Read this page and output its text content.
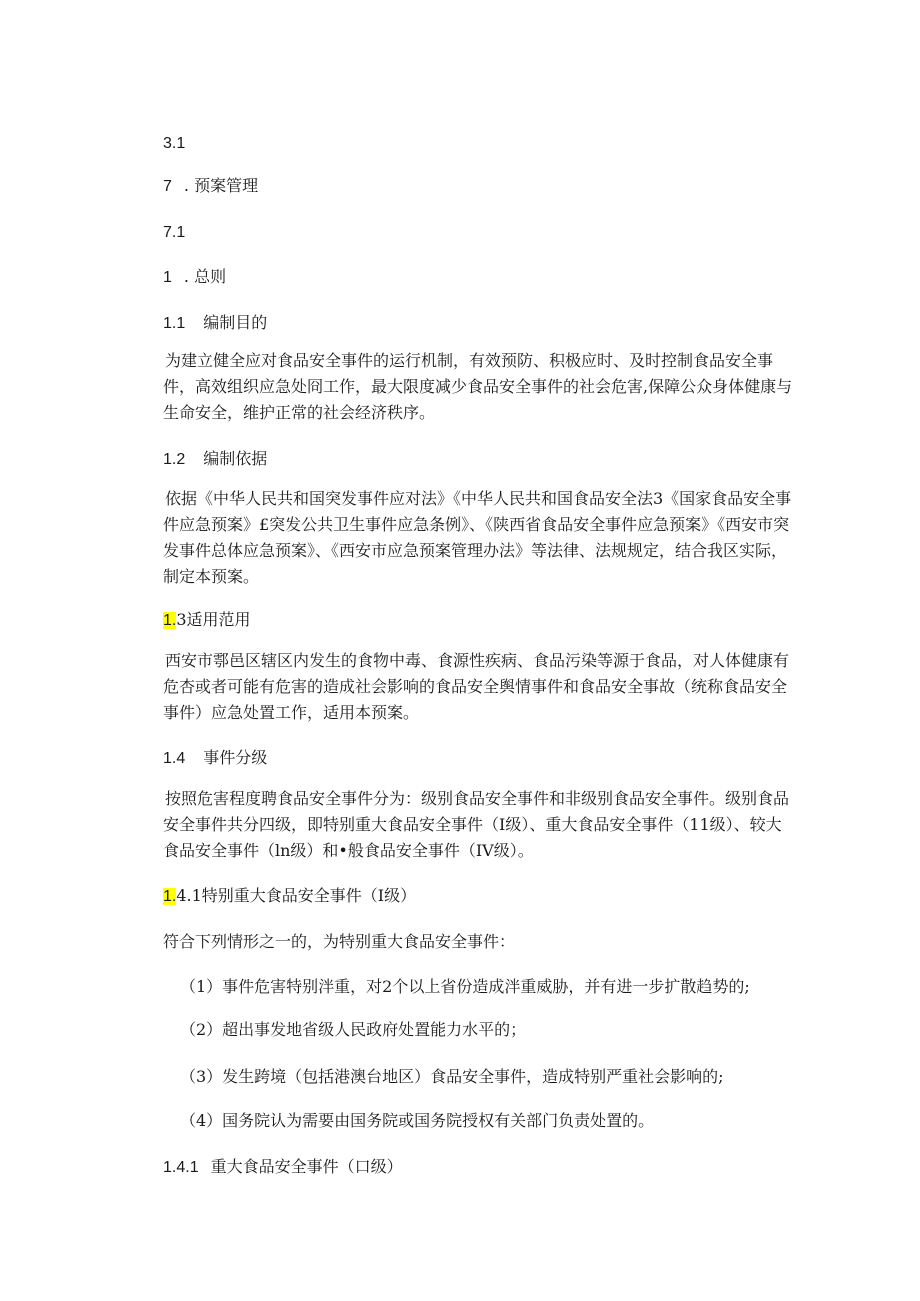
3.1

7 . 预案管理

7.1

1 . 总则

1.1 编制目的

为建立健全应对食品安全事件的运行机制，有效预防、积极应时、及时控制食品安全事件，高效组织应急处冏工作，最大限度减少食品安全事件的社会危害,保障公众身体健康与生命安全，维护正常的社会经济秩序。

1.2 编制依据

依据《中华人民共和国突发事件应对法》《中华人民共和国食品安全法3《国家食品安全事件应急预案》£突发公共卫生事件应急条例》、《陕西省食品安全事件应急预案》《西安市突发事件总体应急预案》、《西安市应急预案管理办法》等法律、法规规定，结合我区实际，制定本预案。

1.3适用范用

西安市鄠邑区辖区内发生的食物中毒、食源性疾病、食品污染等源于食品，对人体健康有危杏或者可能有危害的造成社会影响的食品安全舆情事件和食品安全事故（统称食品安全事件）应急处置工作，适用本预案。

1.4 事件分级

按照危害程度聘食品安全事件分为：级别食品安全事件和非级别食品安全事件。级别食品安全事件共分四级，即特别重大食品安全事件（I级）、重大食品安全事件（11级）、较大食品安全事件（ln级）和•般食品安全事件（IV级）。

1.4.1特别重大食品安全事件（I级）

符合下列情形之一的，为特别重大食品安全事件：

（1）事件危害特别泮重，对2个以上省份造成泮重威胁，并有进一步扩散趋势的;

（2）超出事发地省级人民政府处置能力水平的；

（3）发生跨境（包括港澳台地区）食品安全事件，造成特别严重社会影响的;

（4）国务院认为需要由国务院或国务院授权有关部门负责处置的。

1.4.1 重大食品安全事件（口级）
